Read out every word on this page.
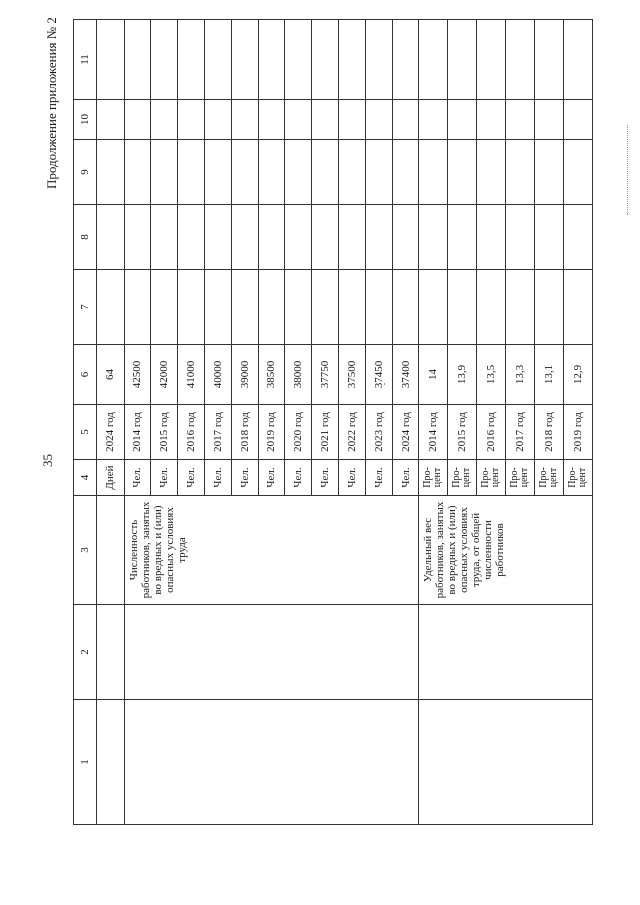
35
Продолжение приложения № 2
1	2	3	4	5	6	7	8	9	10	11
			Дней	2024 год	64					
		Численность работников, занятых во вредных и (или) опасных условиях труда	Чел.	2014 год	42500					
			Чел.	2015 год	42000					
			Чел.	2016 год	41000					
			Чел.	2017 год	40000					
			Чел.	2018 год	39000					
			Чел.	2019 год	38500					
			Чел.	2020 год	38000					
			Чел.	2021 год	37750					
			Чел.	2022 год	37500					
			Чел.	2023 год	37450					
			Чел.	2024 год	37400					
		Удельный вес работников, занятых во вредных и (или) опасных условиях труда, от общей численности работников	Про-цент	2014 год	14					
			Про-цент	2015 год	13,9					
			Про-цент	2016 год	13,5					
			Про-цент	2017 год	13,3					
			Про-цент	2018 год	13,1					
			Про-цент	2019 год	12,9					
